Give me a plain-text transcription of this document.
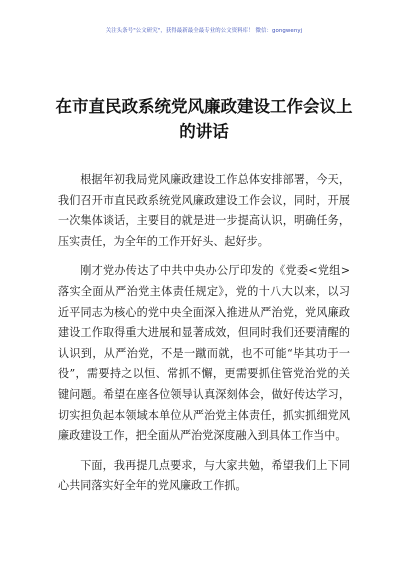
关注头条号"公文研究"，获得最新最全最专业的公文资料库！ 微信：gongwenyj
在市直民政系统党风廉政建设工作会议上的讲话

根据年初我局党风廉政建设工作总体安排部署，今天，我们召开市直民政系统党风廉政建设工作会议，同时，开展一次集体谈话，主要目的就是进一步提高认识，明确任务，压实责任，为全年的工作开好头、起好步。

刚才党办传达了中共中央办公厅印发的《党委<党组>落实全面从严治党主体责任规定》，党的十八大以来，以习近平同志为核心的党中央全面深入推进从严治党，党风廉政建设工作取得重大进展和显著成效，但同时我们还要清醒的认识到，从严治党，不是一蹴而就，也不可能“毕其功于一役”，需要持之以恒、常抓不懈，更需要抓住管党治党的关键问题。希望在座各位领导认真深刻体会，做好传达学习，切实担负起本领域本单位从严治党主体责任，抓实抓细党风廉政建设工作，把全面从严治党深度融入到具体工作当中。

下面，我再提几点要求，与大家共勉，希望我们上下同心共同落实好全年的党风廉政工作抓。
